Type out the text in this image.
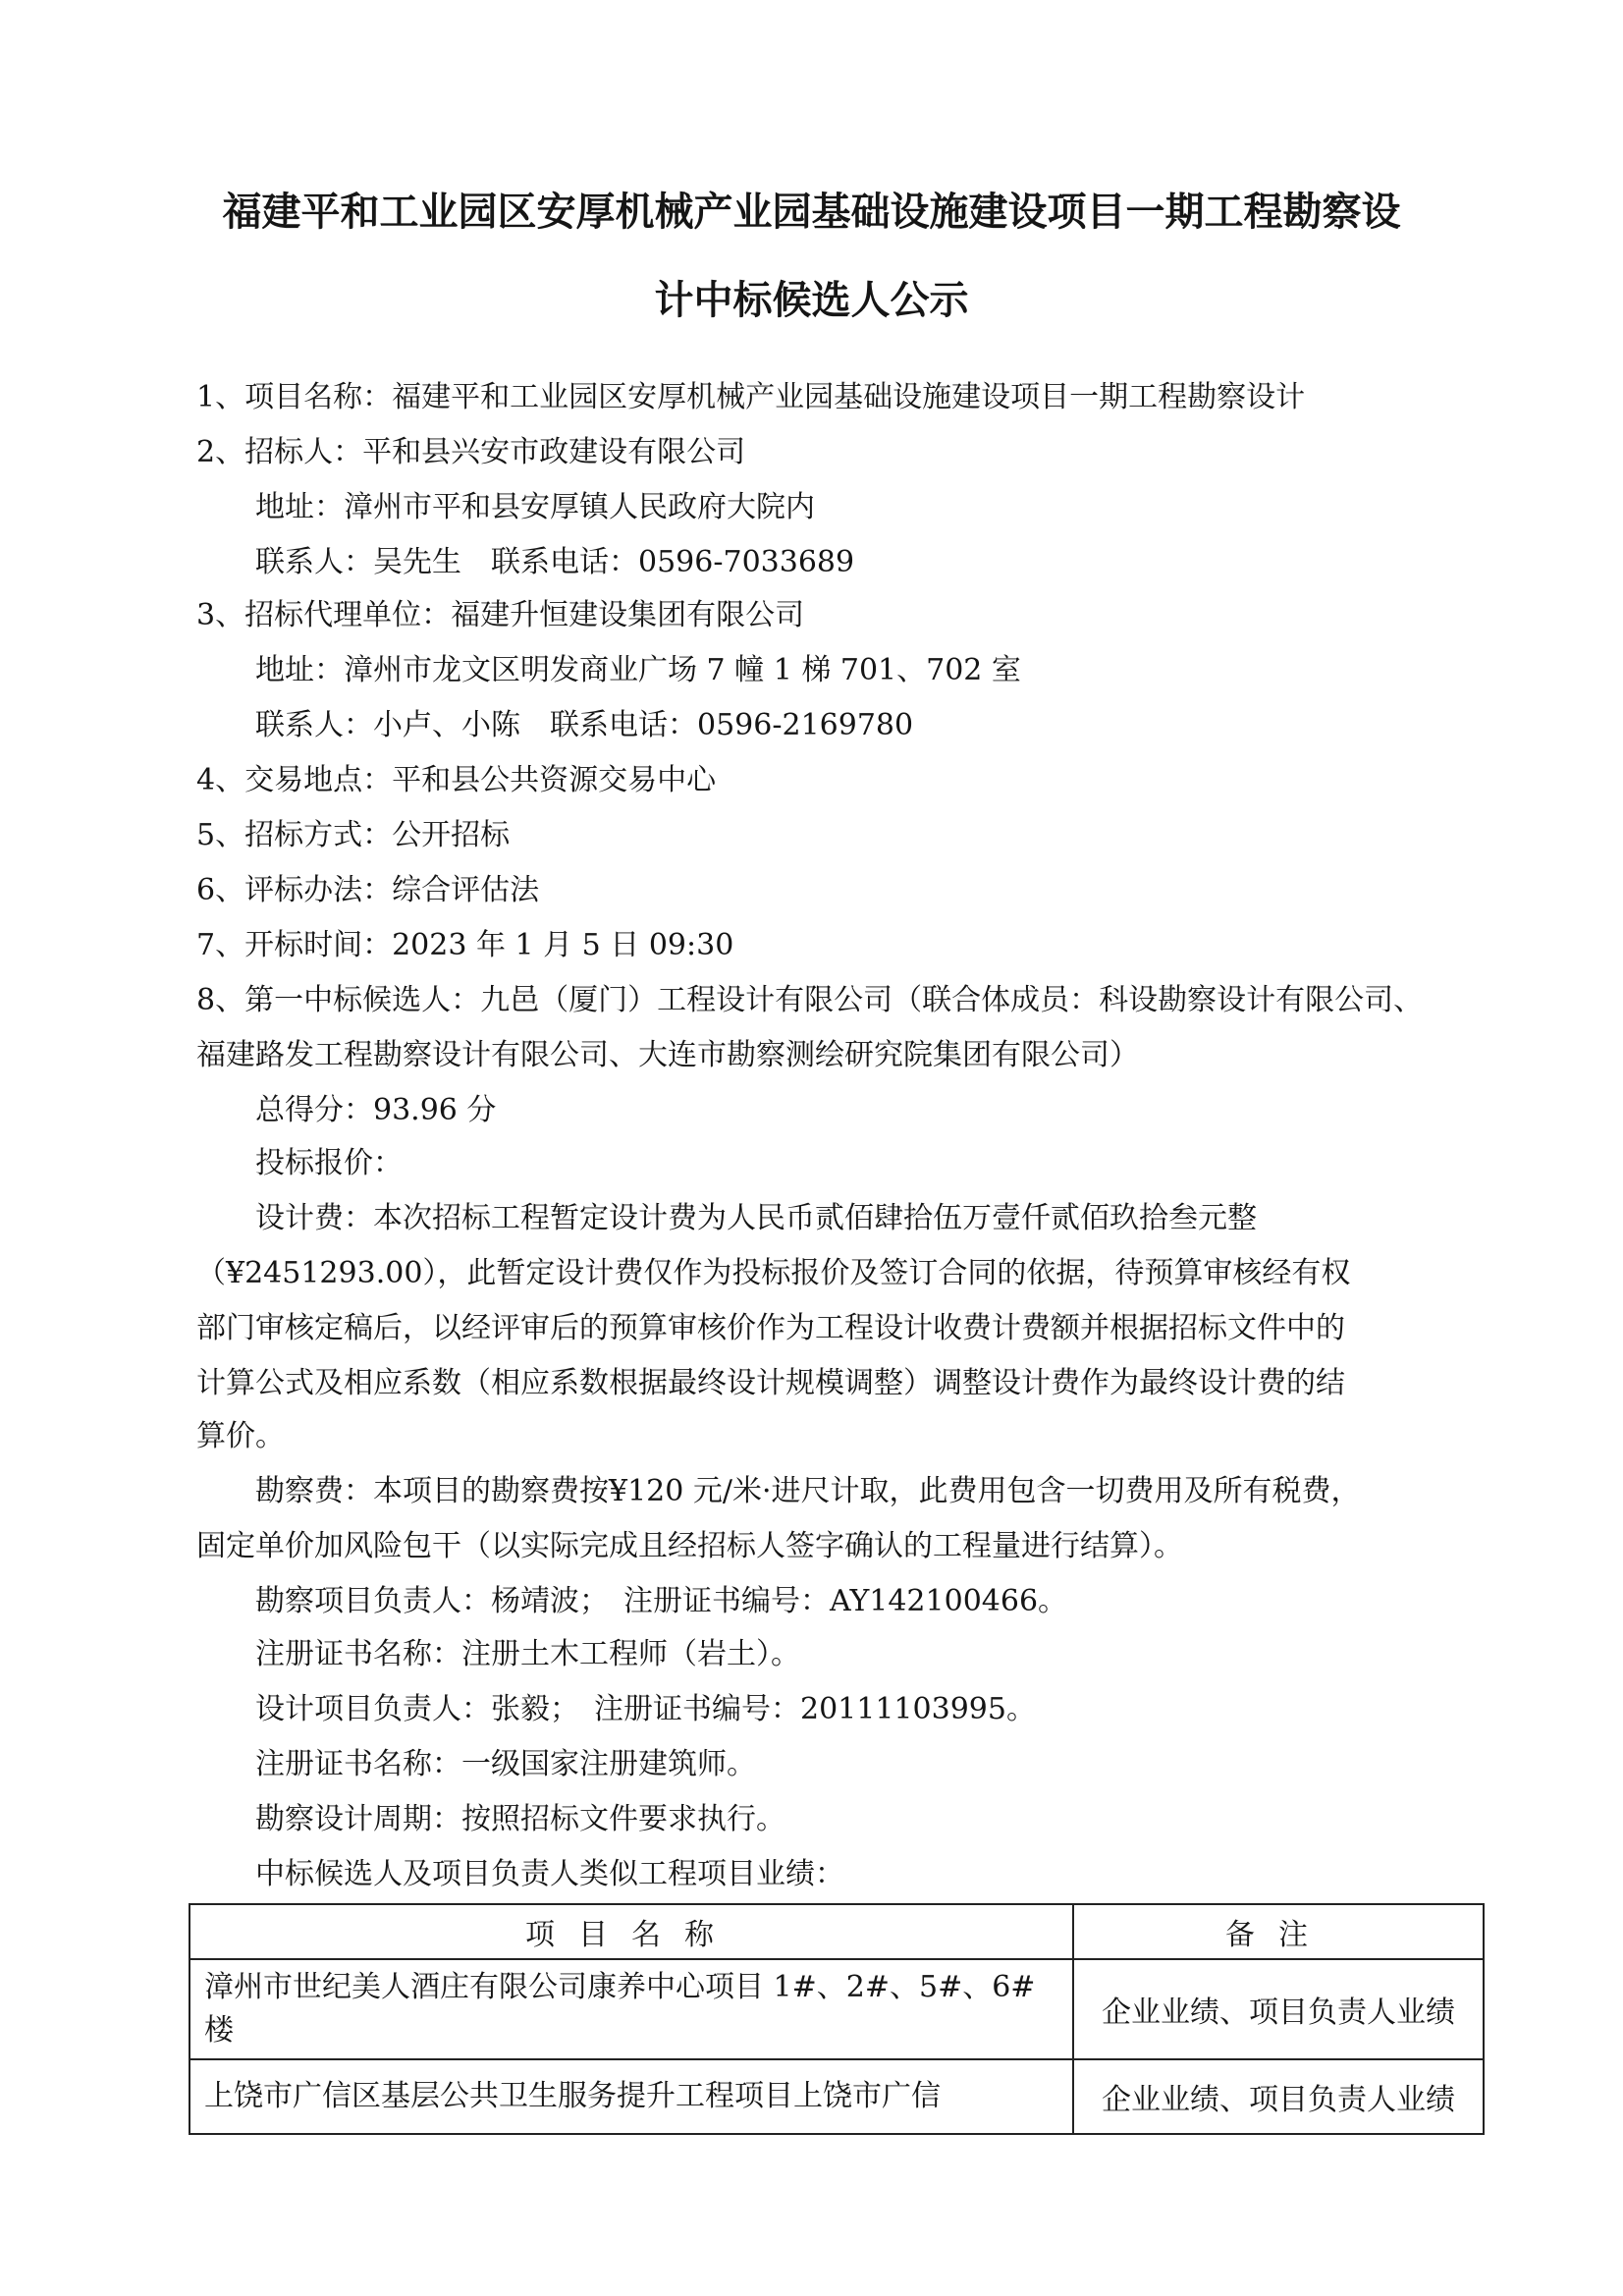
福建平和工业园区安厚机械产业园基础设施建设项目一期工程勘察设
计中标候选人公示
1、项目名称：福建平和工业园区安厚机械产业园基础设施建设项目一期工程勘察设计
2、招标人：平和县兴安市政建设有限公司
地址：漳州市平和县安厚镇人民政府大院内
联系人：吴先生　联系电话：0596-7033689
3、招标代理单位：福建升恒建设集团有限公司
地址：漳州市龙文区明发商业广场 7 幢 1 梯 701、702 室
联系人：小卢、小陈　联系电话：0596-2169780
4、交易地点：平和县公共资源交易中心
5、招标方式：公开招标
6、评标办法：综合评估法
7、开标时间：2023 年 1 月 5 日 09:30
8、第一中标候选人：九邑（厦门）工程设计有限公司（联合体成员：科设勘察设计有限公司、
福建路发工程勘察设计有限公司、大连市勘察测绘研究院集团有限公司）
总得分：93.96 分
投标报价：
设计费：本次招标工程暂定设计费为人民币贰佰肆拾伍万壹仟贰佰玖拾叁元整
（¥2451293.00），此暂定设计费仅作为投标报价及签订合同的依据，待预算审核经有权
部门审核定稿后，以经评审后的预算审核价作为工程设计收费计费额并根据招标文件中的
计算公式及相应系数（相应系数根据最终设计规模调整）调整设计费作为最终设计费的结
算价。
勘察费：本项目的勘察费按¥120 元/米·进尺计取，此费用包含一切费用及所有税费，
固定单价加风险包干（以实际完成且经招标人签字确认的工程量进行结算）。
勘察项目负责人：杨靖波；　注册证书编号：AY142100466。
注册证书名称：注册土木工程师（岩土）。
设计项目负责人：张毅；　注册证书编号：20111103995。
注册证书名称：一级国家注册建筑师。
勘察设计周期：按照招标文件要求执行。
中标候选人及项目负责人类似工程项目业绩：
项目名称	备注
漳州市世纪美人酒庄有限公司康养中心项目 1#、2#、5#、6#楼	企业业绩、项目负责人业绩
上饶市广信区基层公共卫生服务提升工程项目上饶市广信	企业业绩、项目负责人业绩
